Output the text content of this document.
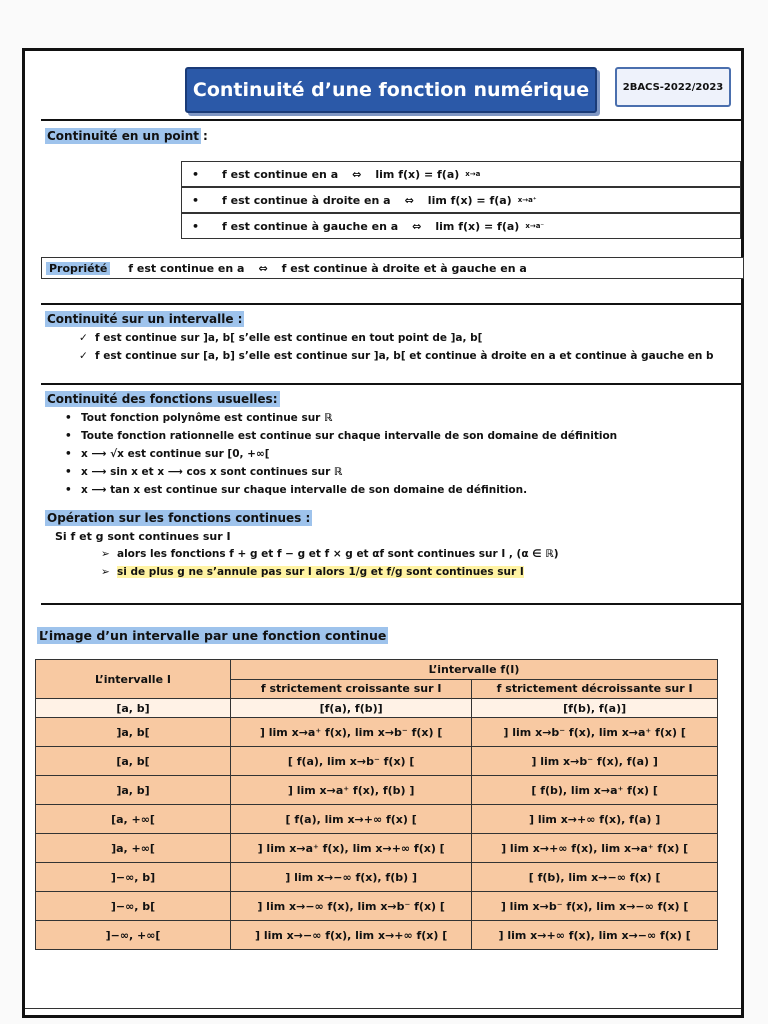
Continuité d’une fonction numérique	2BACS-2022/2023
Continuité en un point :
•	f est continue en a ⇔ lim f(x) = f(a) x→a
•	f est continue à droite en a ⇔ lim f(x) = f(a) x→a⁺
•	f est continue à gauche en a ⇔ lim f(x) = f(a) x→a⁻
Propriété f est continue en a ⇔ f est continue à droite et à gauche en a
Continuité sur un intervalle :
✓ f est continue sur ]a, b[ s’elle est continue en tout point de ]a, b[
✓ f est continue sur [a, b] s’elle est continue sur ]a, b[ et continue à droite en a et continue à gauche en b
Continuité des fonctions usuelles:
• Tout fonction polynôme est continue sur ℝ
• Toute fonction rationnelle est continue sur chaque intervalle de son domaine de définition
• x ⟶ √x est continue sur [0, +∞[
• x ⟶ sin x et x ⟶ cos x sont continues sur ℝ
• x ⟶ tan x est continue sur chaque intervalle de son domaine de définition.
Opération sur les fonctions continues :
Si f et g sont continues sur I
➢ alors les fonctions f + g et f − g et f × g et αf sont continues sur I , (α ∈ ℝ)
➢ si de plus g ne s’annule pas sur I alors 1/g et f/g sont continues sur I
L’image d’un intervalle par une fonction continue
L’intervalle I	L’intervalle f(I)	
	f strictement croissante sur I	f strictement décroissante sur I
[a, b]	[f(a), f(b)]	[f(b), f(a)]
]a, b[	] lim x→a⁺ f(x), lim x→b⁻ f(x) [	] lim x→b⁻ f(x), lim x→a⁺ f(x) [
[a, b[	[ f(a), lim x→b⁻ f(x) [	] lim x→b⁻ f(x), f(a) ]
]a, b]	] lim x→a⁺ f(x), f(b) ]	[ f(b), lim x→a⁺ f(x) [
[a, +∞[	[ f(a), lim x→+∞ f(x) [	] lim x→+∞ f(x), f(a) ]
]a, +∞[	] lim x→a⁺ f(x), lim x→+∞ f(x) [	] lim x→+∞ f(x), lim x→a⁺ f(x) [
]−∞, b]	] lim x→−∞ f(x), f(b) ]	[ f(b), lim x→−∞ f(x) [
]−∞, b[	] lim x→−∞ f(x), lim x→b⁻ f(x) [	] lim x→b⁻ f(x), lim x→−∞ f(x) [
]−∞, +∞[	] lim x→−∞ f(x), lim x→+∞ f(x) [	] lim x→+∞ f(x), lim x→−∞ f(x) [
